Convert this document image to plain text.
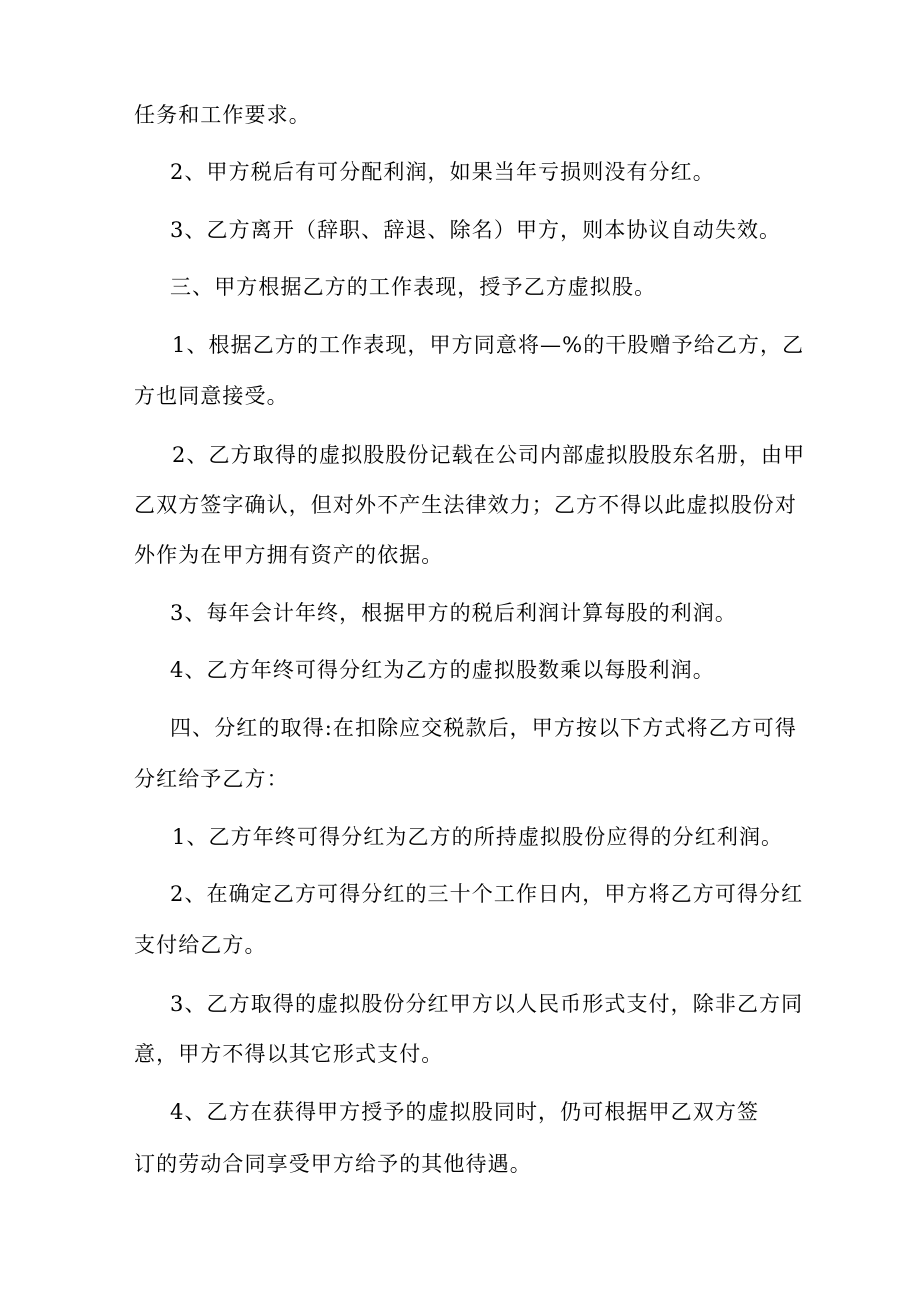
任务和工作要求。
2、甲方税后有可分配利润，如果当年亏损则没有分红。
3、乙方离开（辞职、辞退、除名）甲方，则本协议自动失效。
三、甲方根据乙方的工作表现，授予乙方虚拟股。
1、根据乙方的工作表现，甲方同意将—%的干股赠予给乙方，乙
方也同意接受。
2、乙方取得的虚拟股股份记载在公司内部虚拟股股东名册，由甲
乙双方签字确认，但对外不产生法律效力；乙方不得以此虚拟股份对
外作为在甲方拥有资产的依据。
3、每年会计年终，根据甲方的税后利润计算每股的利润。
4、乙方年终可得分红为乙方的虚拟股数乘以每股利润。
四、分红的取得:在扣除应交税款后，甲方按以下方式将乙方可得
分红给予乙方：
1、乙方年终可得分红为乙方的所持虚拟股份应得的分红利润。
2、在确定乙方可得分红的三十个工作日内，甲方将乙方可得分红
支付给乙方。
3、乙方取得的虚拟股份分红甲方以人民币形式支付，除非乙方同
意，甲方不得以其它形式支付。
4、乙方在获得甲方授予的虚拟股同时，仍可根据甲乙双方签
订的劳动合同享受甲方给予的其他待遇。
